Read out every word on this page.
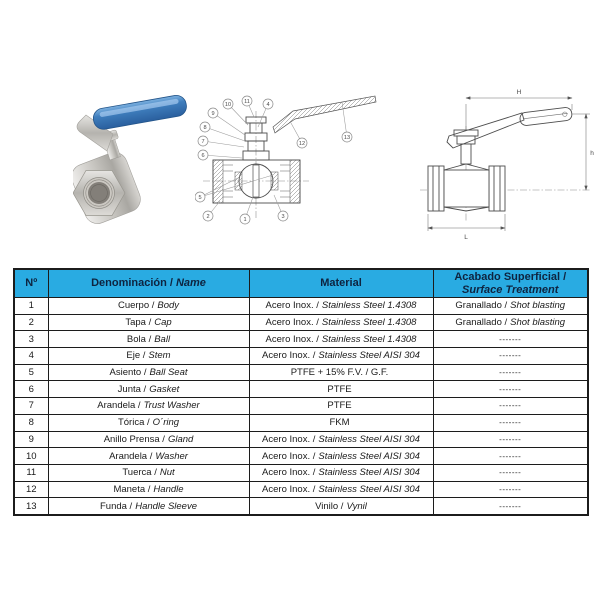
10 11	4
9
8
7
6
5
2	1	3
12
13
H
h
L
Nº	Denominación / Name	Material	Acabado Superficial /
Surface Treatment
1	Cuerpo / Body	Acero Inox. / Stainless Steel 1.4308	Granallado / Shot blasting
2	Tapa / Cap	Acero Inox. / Stainless Steel 1.4308	Granallado / Shot blasting
3	Bola / Ball	Acero Inox. / Stainless Steel 1.4308	-------
4	Eje / Stem	Acero Inox. / Stainless Steel AISI 304	-------
5	Asiento / Ball Seat	PTFE + 15% F.V. / G.F.	-------
6	Junta / Gasket	PTFE	-------
7	Arandela / Trust Washer	PTFE	-------
8	Tórica / O´ring	FKM	-------
9	Anillo Prensa / Gland	Acero Inox. / Stainless Steel AISI 304	-------
10	Arandela / Washer	Acero Inox. / Stainless Steel AISI 304	-------
11	Tuerca / Nut	Acero Inox. / Stainless Steel AISI 304	-------
12	Maneta / Handle	Acero Inox. / Stainless Steel AISI 304	-------
13	Funda / Handle Sleeve	Vinilo / Vynil	-------
